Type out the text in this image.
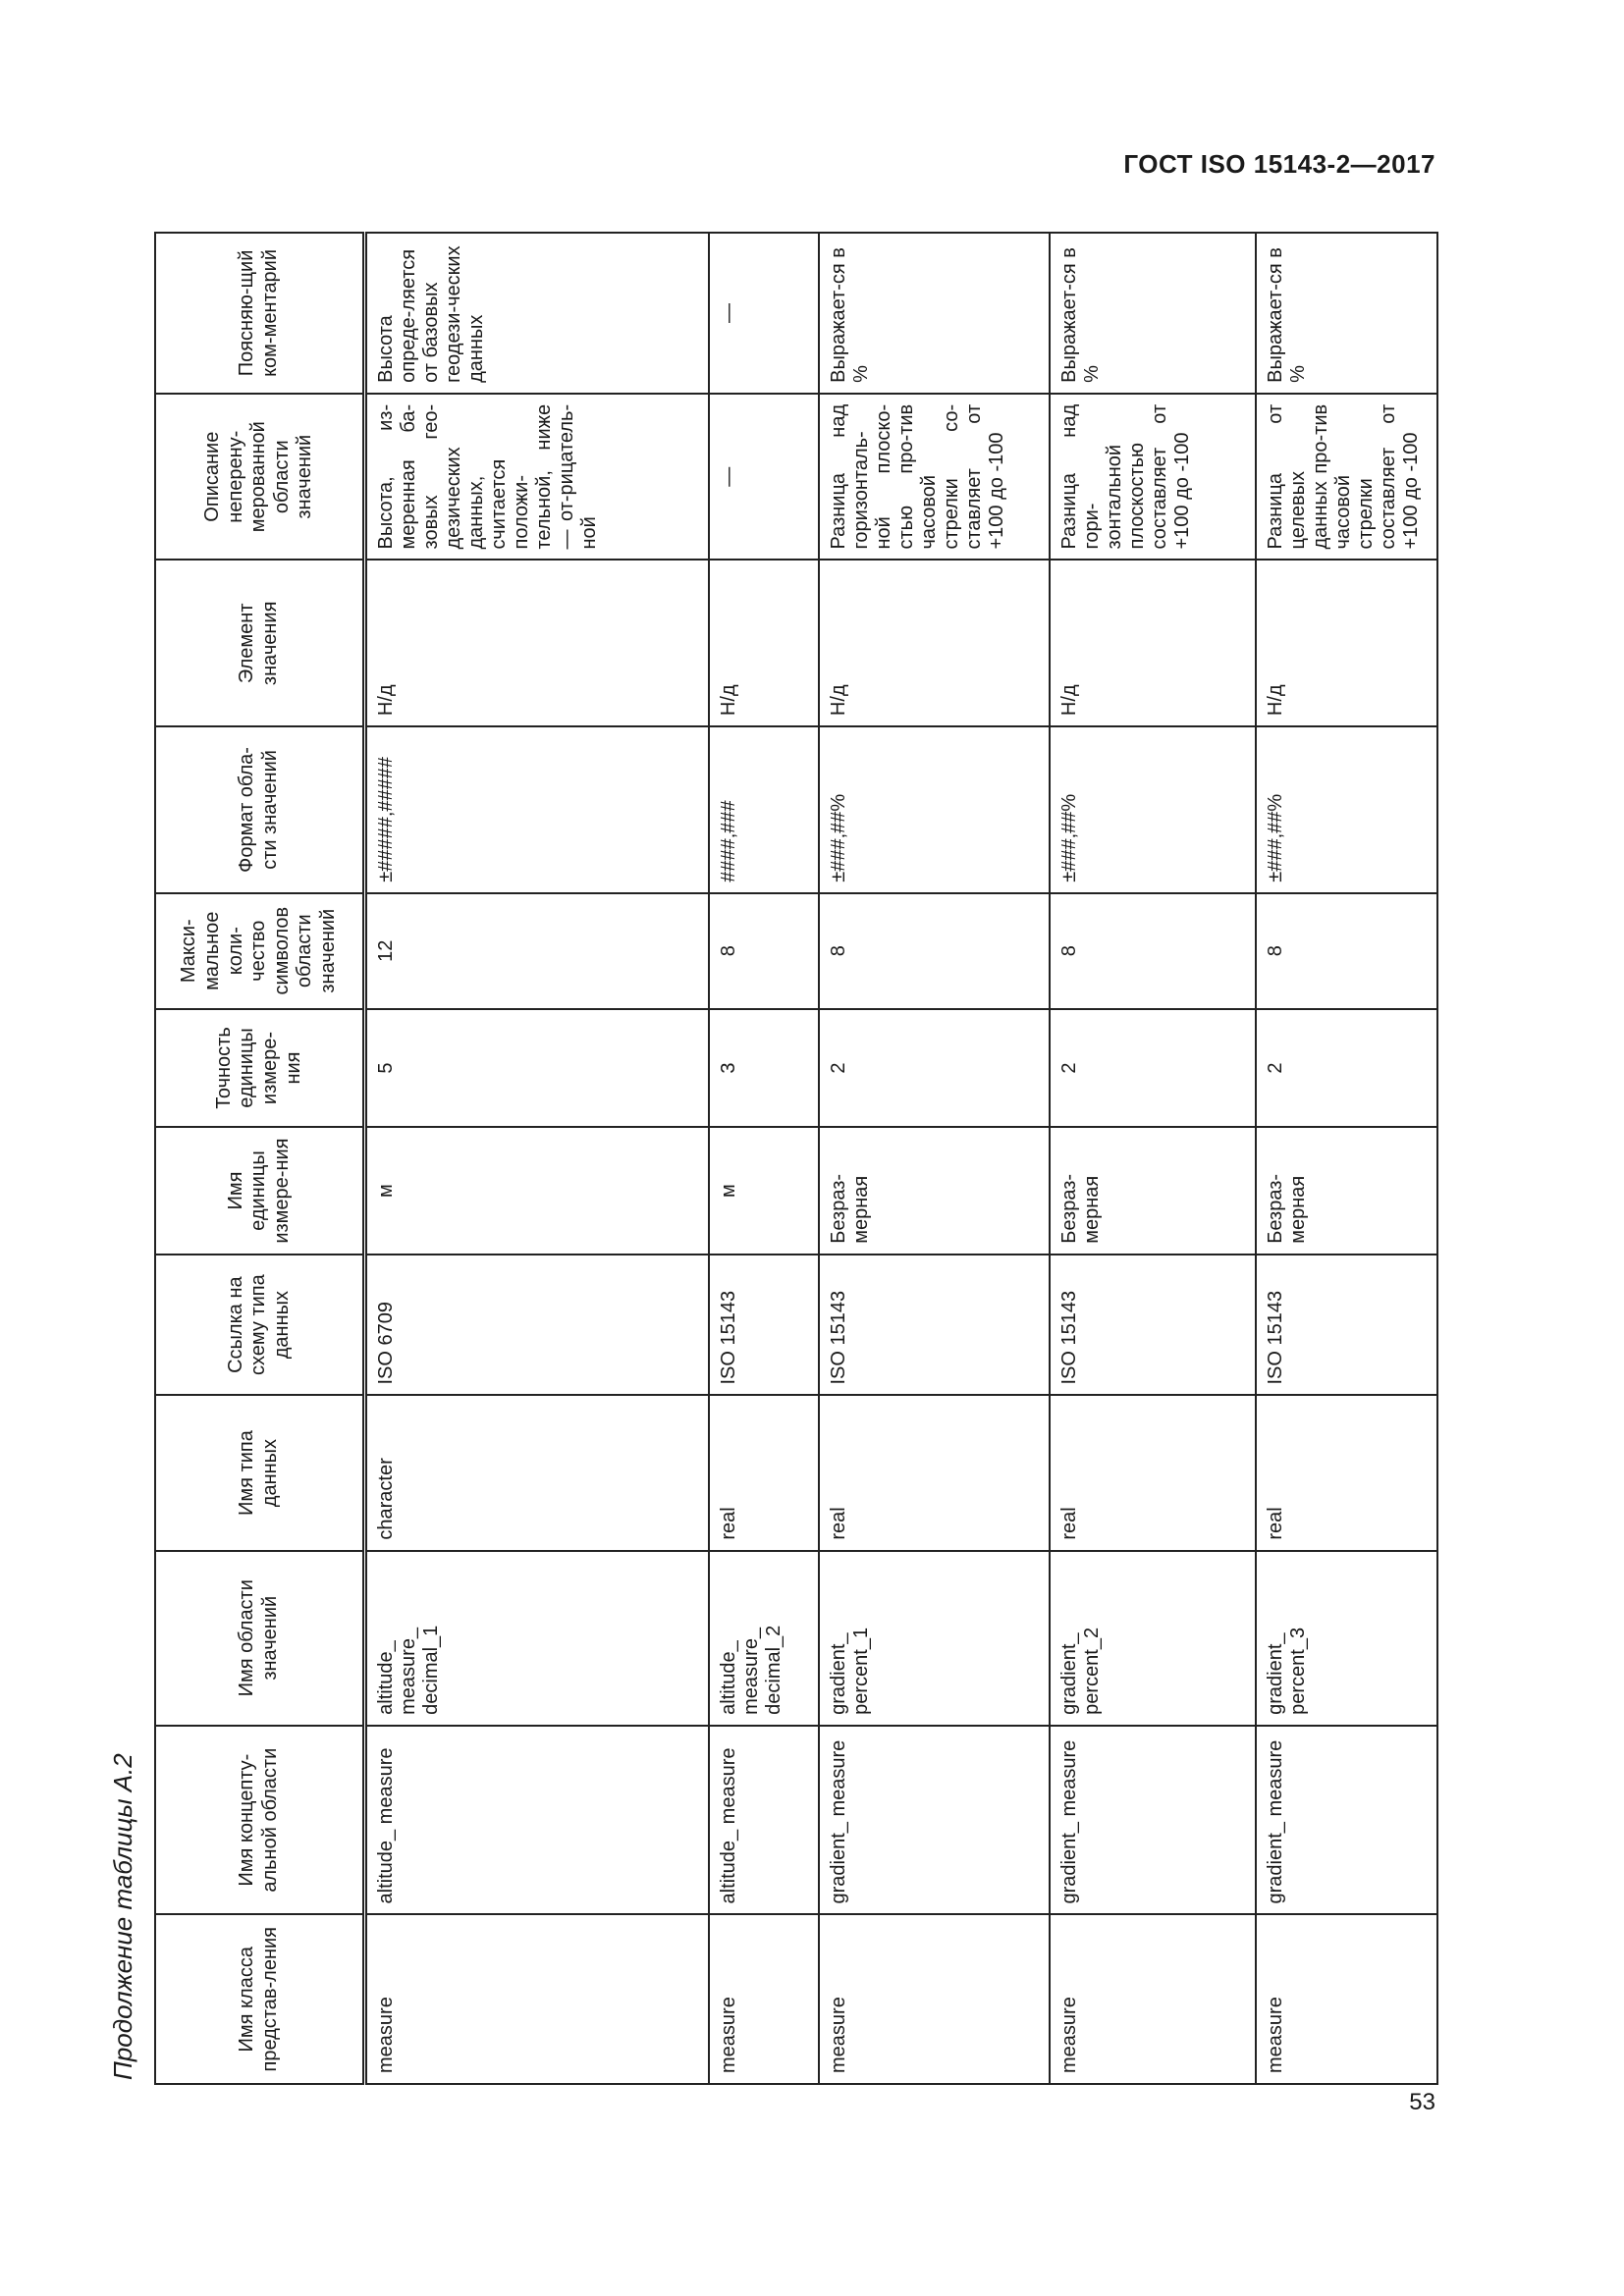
ГОСТ ISO 15143-2—2017
Продолжение таблицы А.2	Имя класса представ-ления	Имя концепту-альной области	Имя области значений	Имя типа данных	Ссылка на схему типа данных	Имя единицы измере-ния	Точность единицы измере-ния	Макси-мальное коли-чество символов области значений	Формат обла-сти значений	Элемент значения	Описание неперену-мерованной области значений	Поясняю-щий ком-ментарий
measure	altitude_ measure	altitude_ measure_ decimal_1	character	ISO 6709	м	5	12	±#####,#####	Н/д	Высота, из-меренная ба-зовых гео-дезических данных, считается положи-тельной, ниже — от-рицатель-ной	Высота опреде-ляется от базовых геодези-ческих данных
measure	altitude_ measure	altitude_ measure_ decimal_2	real	ISO 15143	м	3	8	####,###	Н/д	—	—
measure	gradient_ measure	gradient_ percent_1	real	ISO 15143	Безраз-мерная	2	8	±###,##%	Н/д	Разница над горизонталь-ной плоско-стью про-тив часовой стрелки со-ставляет от +100 до -100	Выражает-ся в %
measure	gradient_ measure	gradient_ percent_2	real	ISO 15143	Безраз-мерная	2	8	±###,##%	Н/д	Разница над гори-зонтальной плоскостью составляет от +100 до -100	Выражает-ся в %
measure	gradient_ measure	gradient_ percent_3	real	ISO 15143	Безраз-мерная	2	8	±###,##%	Н/д	Разница от целевых данных про-тив часовой стрелки составляет от +100 до -100	Выражает-ся в %
53
